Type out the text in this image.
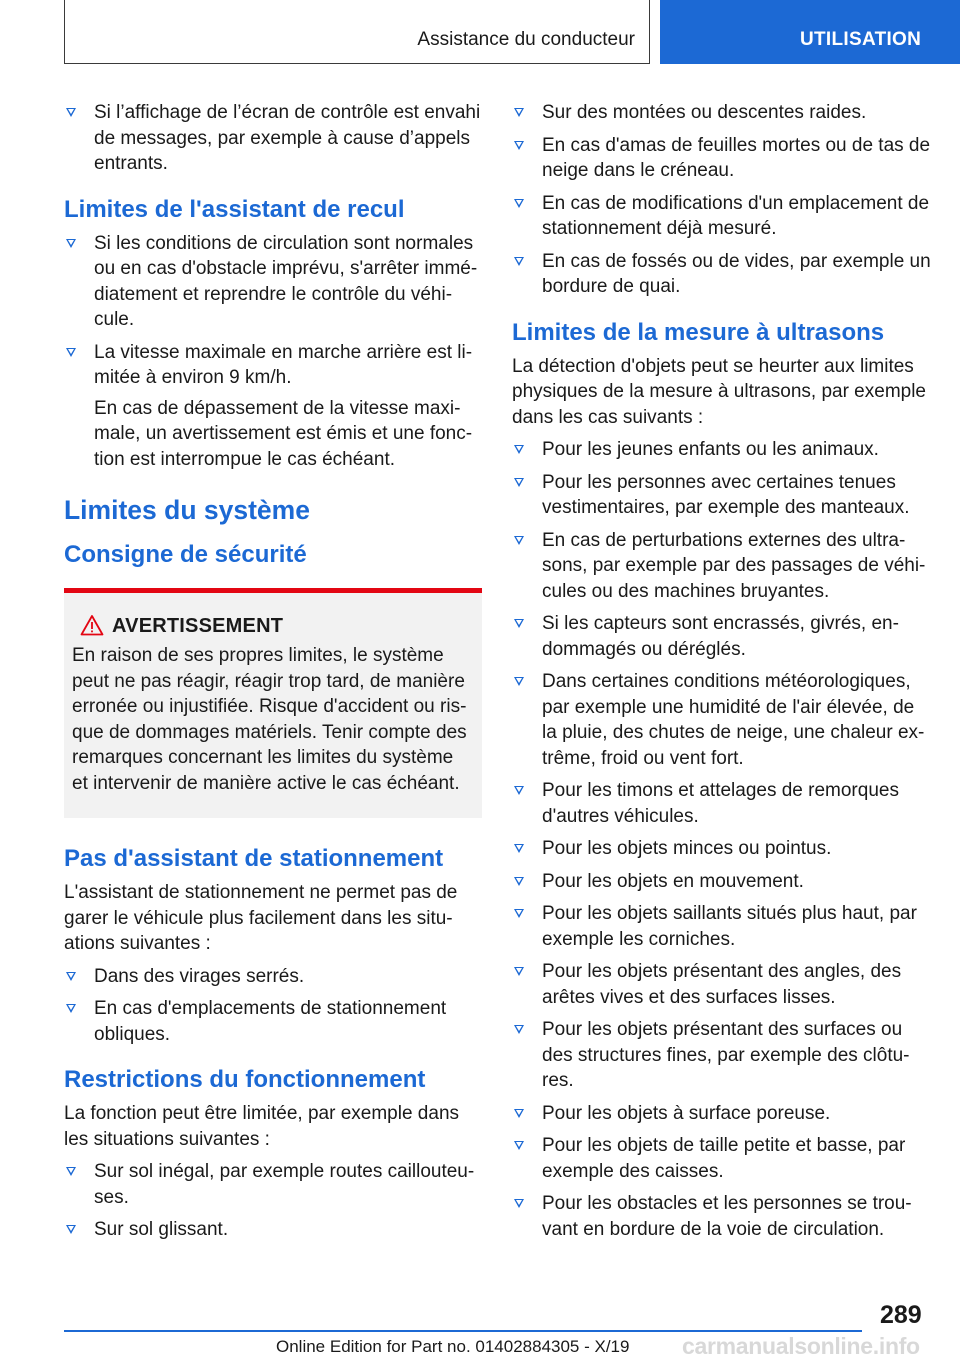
Assistance du conducteur	UTILISATION
Si l’affichage de l’écran de contrôle est envahi de messages, par exemple à cause d’appels entrants.
Limites de l'assistant de recul
Si les conditions de circulation sont normales ou en cas d'obstacle imprévu, s'arrêter immé-diatement et reprendre le contrôle du véhi-cule.
La vitesse maximale en marche arrière est li-mitée à environ 9 km/h.
En cas de dépassement de la vitesse maxi-male, un avertissement est émis et une fonc-tion est interrompue le cas échéant.
Limites du système
Consigne de sécurité
AVERTISSEMENT
En raison de ses propres limites, le système peut ne pas réagir, réagir trop tard, de manière erronée ou injustifiée. Risque d'accident ou ris-que de dommages matériels. Tenir compte des remarques concernant les limites du système et intervenir de manière active le cas échéant.
Pas d'assistant de stationnement

L'assistant de stationnement ne permet pas de garer le véhicule plus facilement dans les situ-ations suivantes :

Dans des virages serrés.
En cas d'emplacements de stationnement obliques.
Restrictions du fonctionnement

La fonction peut être limitée, par exemple dans les situations suivantes :

Sur sol inégal, par exemple routes caillouteu-ses.
Sur sol glissant.
Sur des montées ou descentes raides.
En cas d'amas de feuilles mortes ou de tas de neige dans le créneau.
En cas de modifications d'un emplacement de stationnement déjà mesuré.
En cas de fossés ou de vides, par exemple un bordure de quai.
Limites de la mesure à ultrasons

La détection d'objets peut se heurter aux limites physiques de la mesure à ultrasons, par exemple dans les cas suivants :

Pour les jeunes enfants ou les animaux.
Pour les personnes avec certaines tenues vestimentaires, par exemple des manteaux.
En cas de perturbations externes des ultra-sons, par exemple par des passages de véhi-cules ou des machines bruyantes.
Si les capteurs sont encrassés, givrés, en-dommagés ou déréglés.
Dans certaines conditions météorologiques, par exemple une humidité de l'air élevée, de la pluie, des chutes de neige, une chaleur ex-trême, froid ou vent fort.
Pour les timons et attelages de remorques d'autres véhicules.
Pour les objets minces ou pointus.
Pour les objets en mouvement.
Pour les objets saillants situés plus haut, par exemple les corniches.
Pour les objets présentant des angles, des arêtes vives et des surfaces lisses.
Pour les objets présentant des surfaces ou des structures fines, par exemple des clôtu-res.
Pour les objets à surface poreuse.
Pour les objets de taille petite et basse, par exemple des caisses.
Pour les obstacles et les personnes se trou-vant en bordure de la voie de circulation.
289
Online Edition for Part no. 01402884305 - X/19 carmanualsonline.info
